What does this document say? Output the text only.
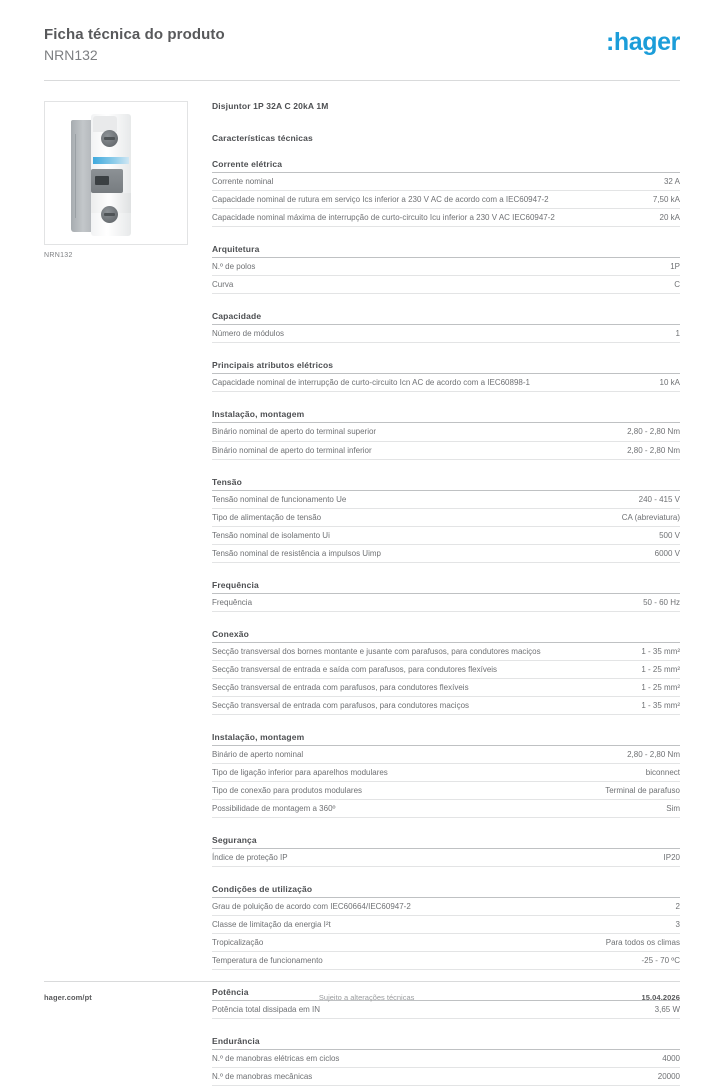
Ficha técnica do produto
NRN132	:hager
NRN132
Disjuntor 1P 32A C 20kA 1M
Características técnicas
Corrente elétrica
Corrente nominal	32 A
Capacidade nominal de rutura em serviço Ics inferior a 230 V AC de acordo com a IEC60947-2	7,50 kA
Capacidade nominal máxima de interrupção de curto-circuito Icu inferior a 230 V AC IEC60947-2	20 kA
Arquitetura
N.º de polos	1P
Curva	C
Capacidade
Número de módulos	1
Principais atributos elétricos
Capacidade nominal de interrupção de curto-circuito Icn AC de acordo com a IEC60898-1	10 kA
Instalação, montagem
Binário nominal de aperto do terminal superior	2,80 - 2,80 Nm
Binário nominal de aperto do terminal inferior	2,80 - 2,80 Nm
Tensão
Tensão nominal de funcionamento Ue	240 - 415 V
Tipo de alimentação de tensão	CA (abreviatura)
Tensão nominal de isolamento Ui	500 V
Tensão nominal de resistência a impulsos Uimp	6000 V
Frequência
Frequência	50 - 60 Hz
Conexão
Secção transversal dos bornes montante e jusante com parafusos, para condutores maciços	1 - 35 mm²
Secção transversal de entrada e saída com parafusos, para condutores flexíveis	1 - 25 mm²
Secção transversal de entrada com parafusos, para condutores flexíveis	1 - 25 mm²
Secção transversal de entrada com parafusos, para condutores maciços	1 - 35 mm²
Instalação, montagem
Binário de aperto nominal	2,80 - 2,80 Nm
Tipo de ligação inferior para aparelhos modulares	biconnect
Tipo de conexão para produtos modulares	Terminal de parafuso
Possibilidade de montagem a 360º	Sim
Segurança
Índice de proteção IP	IP20
Condições de utilização
Grau de poluição de acordo com IEC60664/IEC60947-2	2
Classe de limitação da energia I²t	3
Tropicalização	Para todos os climas
Temperatura de funcionamento	-25 - 70 ºC
Potência
Potência total dissipada em IN	3,65 W
Endurância
N.º de manobras elétricas em ciclos	4000
N.º de manobras mecânicas	20000
hager.com/pt	Sujeito a alterações técnicas	15.04.2026
